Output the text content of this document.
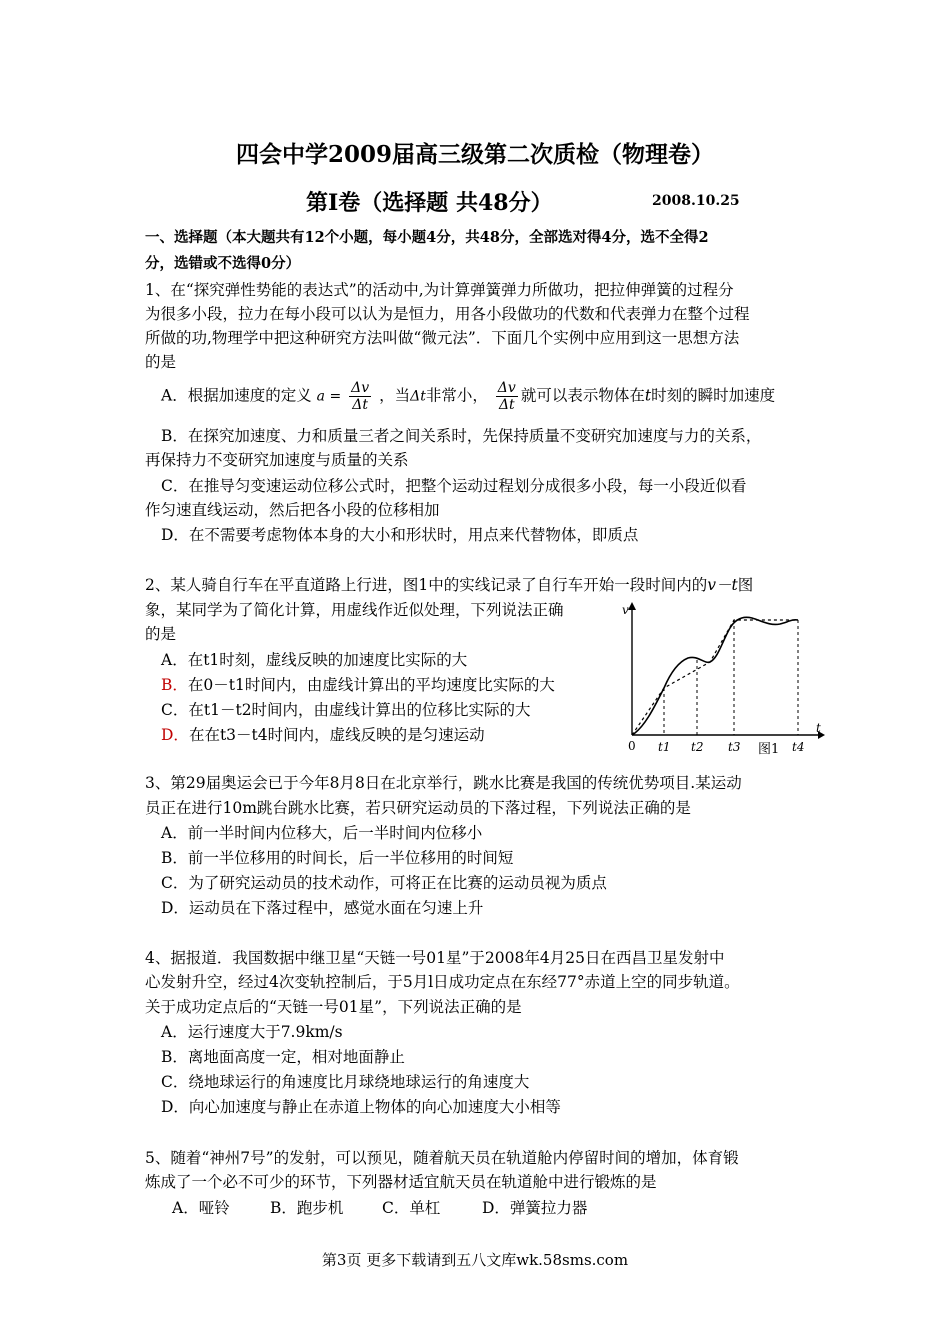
四会中学2009届高三级第二次质检（物理卷）
第Ⅰ卷（选择题 共48分）	2008.10.25
一、选择题（本大题共有12个小题，每小题4分，共48分，全部选对得4分，选不全得2
分，选错或不选得0分）
1、在“探究弹性势能的表达式”的活动中,为计算弹簧弹力所做功，把拉伸弹簧的过程分
为很多小段，拉力在每小段可以认为是恒力，用各小段做功的代数和代表弹力在整个过程
所做的功,物理学中把这种研究方法叫做“微元法”．下面几个实例中应用到这一思想方法
的是
A．根据加速度的定义 $a = \frac{\Delta v}{\Delta t}$ ，当Δt非常小， $\frac{\Delta v}{\Delta t}$ 就可以表示物体在t时刻的瞬时加速度
B．在探究加速度、力和质量三者之间关系时，先保持质量不变研究加速度与力的关系，
再保持力不变研究加速度与质量的关系
C．在推导匀变速运动位移公式时，把整个运动过程划分成很多小段，每一小段近似看
作匀速直线运动，然后把各小段的位移相加
D．在不需要考虑物体本身的大小和形状时，用点来代替物体，即质点
2、某人骑自行车在平直道路上行进，图1中的实线记录了自行车开始一段时间内的v－t图
象，某同学为了简化计算，用虚线作近似处理，下列说法正确
的是
A．在t1时刻，虚线反映的加速度比实际的大
B．在0－t1时间内，由虚线计算出的平均速度比实际的大
C．在t1－t2时间内，由虚线计算出的位移比实际的大
D．在在t3－t4时间内，虚线反映的是匀速运动
v
t
0 t1 t2 t3	t4
图1
3、第29届奥运会已于今年8月8日在北京举行，跳水比赛是我国的传统优势项目.某运动
员正在进行10m跳台跳水比赛，若只研究运动员的下落过程，下列说法正确的是
A．前一半时间内位移大，后一半时间内位移小
B．前一半位移用的时间长，后一半位移用的时间短
C．为了研究运动员的技术动作，可将正在比赛的运动员视为质点
D．运动员在下落过程中，感觉水面在匀速上升
4、据报道．我国数据中继卫星“天链一号01星”于2008年4月25日在西昌卫星发射中
心发射升空，经过4次变轨控制后，于5月l日成功定点在东经77°赤道上空的同步轨道。
关于成功定点后的“天链一号01星”，下列说法正确的是
A．运行速度大于7.9km/s
B．离地面高度一定，相对地面静止
C．绕地球运行的角速度比月球绕地球运行的角速度大
D．向心加速度与静止在赤道上物体的向心加速度大小相等
5、随着“神州7号”的发射，可以预见，随着航天员在轨道舱内停留时间的增加，体育锻
炼成了一个必不可少的环节，下列器材适宜航天员在轨道舱中进行锻炼的是
A．哑铃	B．跑步机 C．单杠	D．弹簧拉力器
第3页 更多下载请到五八文库wk.58sms.com
